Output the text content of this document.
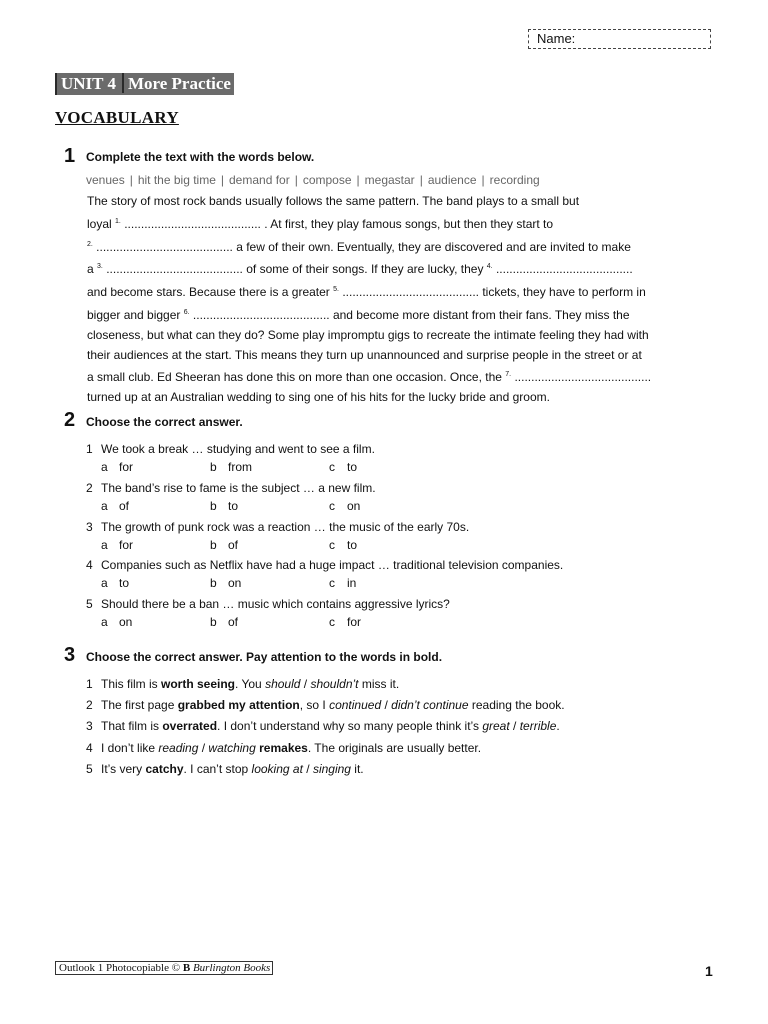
Name:
UNIT 4 More Practice
VOCABULARY
1 Complete the text with the words below.
venues | hit the big time | demand for | compose | megastar | audience | recording
The story of most rock bands usually follows the same pattern. The band plays to a small but
loyal $^{1.}$ ......................................... . At first, they play famous songs, but then they start to
$^{2.}$ ......................................... a few of their own. Eventually, they are discovered and are invited to make
a $^{3.}$ ......................................... of some of their songs. If they are lucky, they $^{4.}$ .........................................
and become stars. Because there is a greater $^{5.}$ ......................................... tickets, they have to perform in
bigger and bigger $^{6.}$ ......................................... and become more distant from their fans. They miss the
closeness, but what can they do? Some play impromptu gigs to recreate the intimate feeling they had with
their audiences at the start. This means they turn up unannounced and surprise people in the street or at
a small club. Ed Sheeran has done this on more than one occasion. Once, the $^{7.}$ .........................................
turned up at an Australian wedding to sing one of his hits for the lucky bride and groom.
2 Choose the correct answer.
1 We took a break … studying and went to see a film.
a for	b from	c to
2 The band’s rise to fame is the subject … a new film.
a of	b to	c on
3 The growth of punk rock was a reaction … the music of the early 70s.
a for	b of	c to
4 Companies such as Netflix have had a huge impact … traditional television companies.
a to	b on	c in
5 Should there be a ban … music which contains aggressive lyrics?
a on	b of	c for
3 Choose the correct answer. Pay attention to the words in bold.
1 This film is worth seeing. You should / shouldn’t miss it.
2 The first page grabbed my attention, so I continued / didn’t continue reading the book.
3 That film is overrated. I don’t understand why so many people think it’s great / terrible.
4 I don’t like reading / watching remakes. The originals are usually better.
5 It’s very catchy. I can’t stop looking at / singing it.
Outlook 1 Photocopiable © B Burlington Books	1
